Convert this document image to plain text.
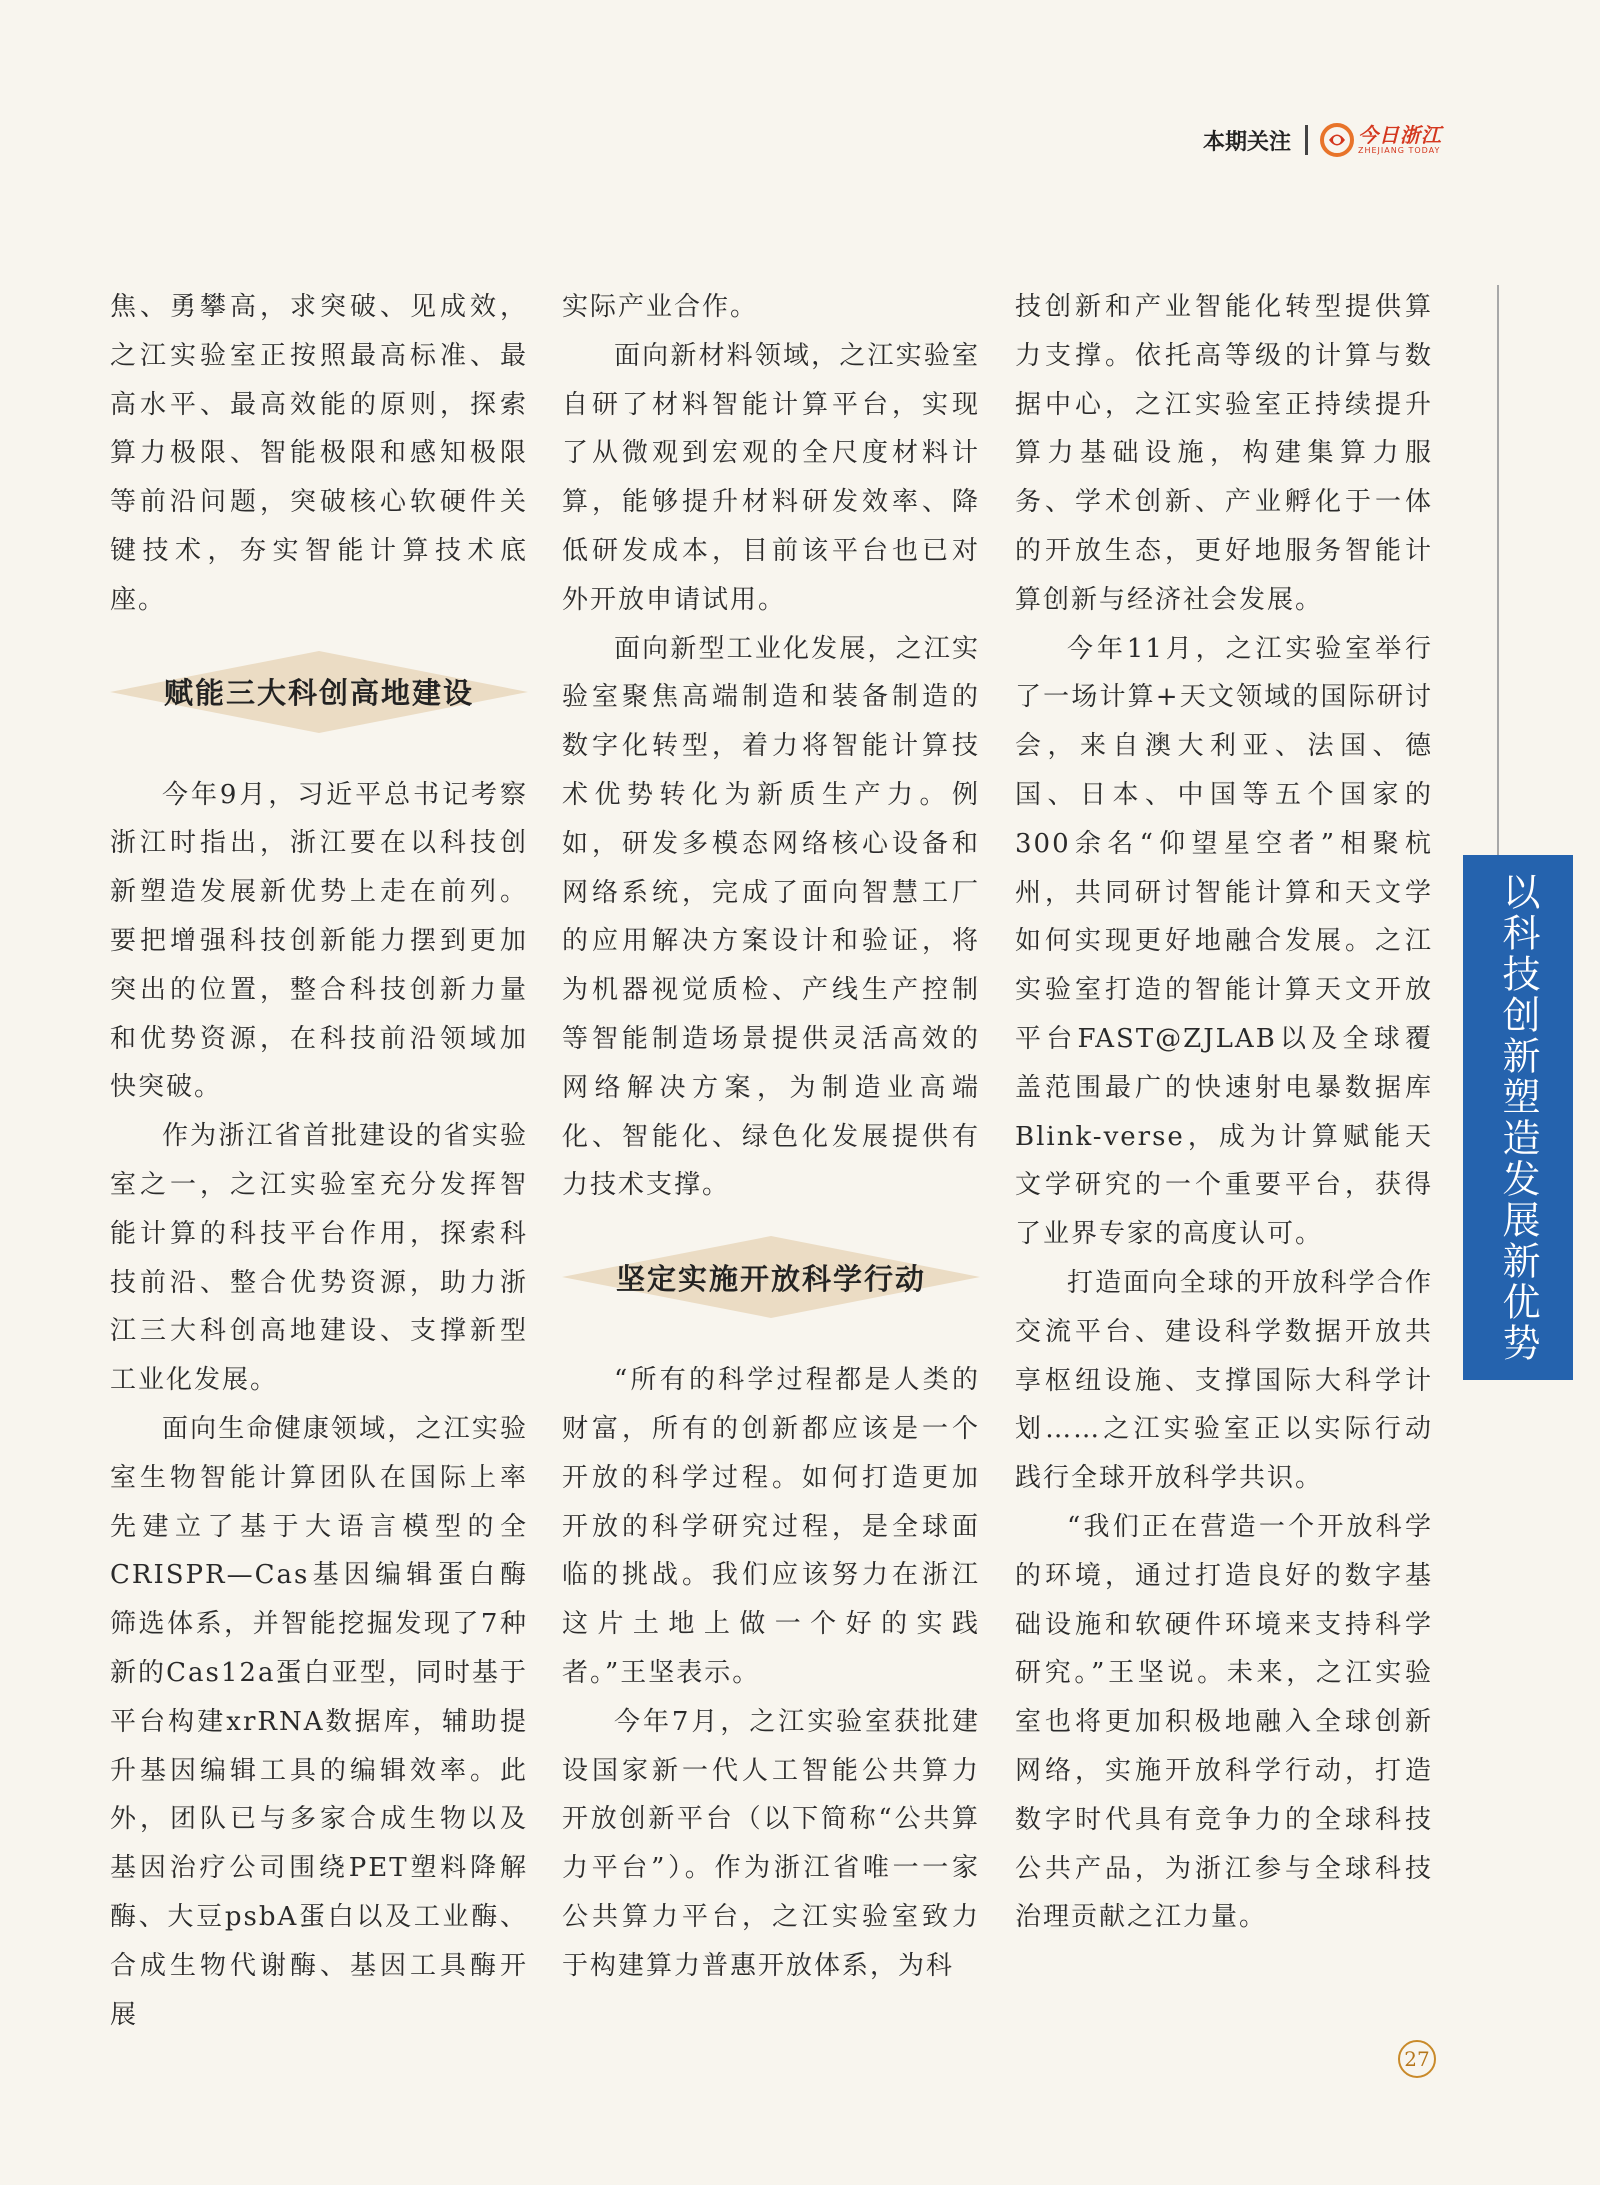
本期关注	今日浙江
ZHEJIANG TODAY

焦、勇攀高，求突破、见成效，之江实验室正按照最高标准、最高水平、最高效能的原则，探索算力极限、智能极限和感知极限等前沿问题，突破核心软硬件关键技术，夯实智能计算技术底座。

赋能三大科创高地建设

今年9月，习近平总书记考察浙江时指出，浙江要在以科技创新塑造发展新优势上走在前列。要把增强科技创新能力摆到更加突出的位置，整合科技创新力量和优势资源，在科技前沿领域加快突破。

作为浙江省首批建设的省实验室之一，之江实验室充分发挥智能计算的科技平台作用，探索科技前沿、整合优势资源，助力浙江三大科创高地建设、支撑新型工业化发展。

面向生命健康领域，之江实验室生物智能计算团队在国际上率先建立了基于大语言模型的全CRISPR—Cas基因编辑蛋白酶筛选体系，并智能挖掘发现了7种新的Cas12a蛋白亚型，同时基于平台构建xrRNA数据库，辅助提升基因编辑工具的编辑效率。此外，团队已与多家合成生物以及基因治疗公司围绕PET塑料降解酶、大豆psbA蛋白以及工业酶、合成生物代谢酶、基因工具酶开展

实际产业合作。

面向新材料领域，之江实验室自研了材料智能计算平台，实现了从微观到宏观的全尺度材料计算，能够提升材料研发效率、降低研发成本，目前该平台也已对外开放申请试用。

面向新型工业化发展，之江实验室聚焦高端制造和装备制造的数字化转型，着力将智能计算技术优势转化为新质生产力。例如，研发多模态网络核心设备和网络系统，完成了面向智慧工厂的应用解决方案设计和验证，将为机器视觉质检、产线生产控制等智能制造场景提供灵活高效的网络解决方案，为制造业高端化、智能化、绿色化发展提供有力技术支撑。

坚定实施开放科学行动

“所有的科学过程都是人类的财富，所有的创新都应该是一个开放的科学过程。如何打造更加开放的科学研究过程，是全球面临的挑战。我们应该努力在浙江这片土地上做一个好的实践者。”王坚表示。

今年7月，之江实验室获批建设国家新一代人工智能公共算力开放创新平台（以下简称“公共算力平台”）。作为浙江省唯一一家公共算力平台，之江实验室致力于构建算力普惠开放体系，为科

技创新和产业智能化转型提供算力支撑。依托高等级的计算与数据中心，之江实验室正持续提升算力基础设施，构建集算力服务、学术创新、产业孵化于一体的开放生态，更好地服务智能计算创新与经济社会发展。

今年11月，之江实验室举行了一场计算+天文领域的国际研讨会，来自澳大利亚、法国、德国、日本、中国等五个国家的300余名“仰望星空者”相聚杭州，共同研讨智能计算和天文学如何实现更好地融合发展。之江实验室打造的智能计算天文开放平台FAST@ZJLAB以及全球覆盖范围最广的快速射电暴数据库Blink-verse，成为计算赋能天文学研究的一个重要平台，获得了业界专家的高度认可。

打造面向全球的开放科学合作交流平台、建设科学数据开放共享枢纽设施、支撑国际大科学计划……之江实验室正以实际行动践行全球开放科学共识。

“我们正在营造一个开放科学的环境，通过打造良好的数字基础设施和软硬件环境来支持科学研究。”王坚说。未来，之江实验室也将更加积极地融入全球创新网络，实施开放科学行动，打造数字时代具有竞争力的全球科技公共产品，为浙江参与全球科技治理贡献之江力量。

以科技创新塑造发展新优势
27
